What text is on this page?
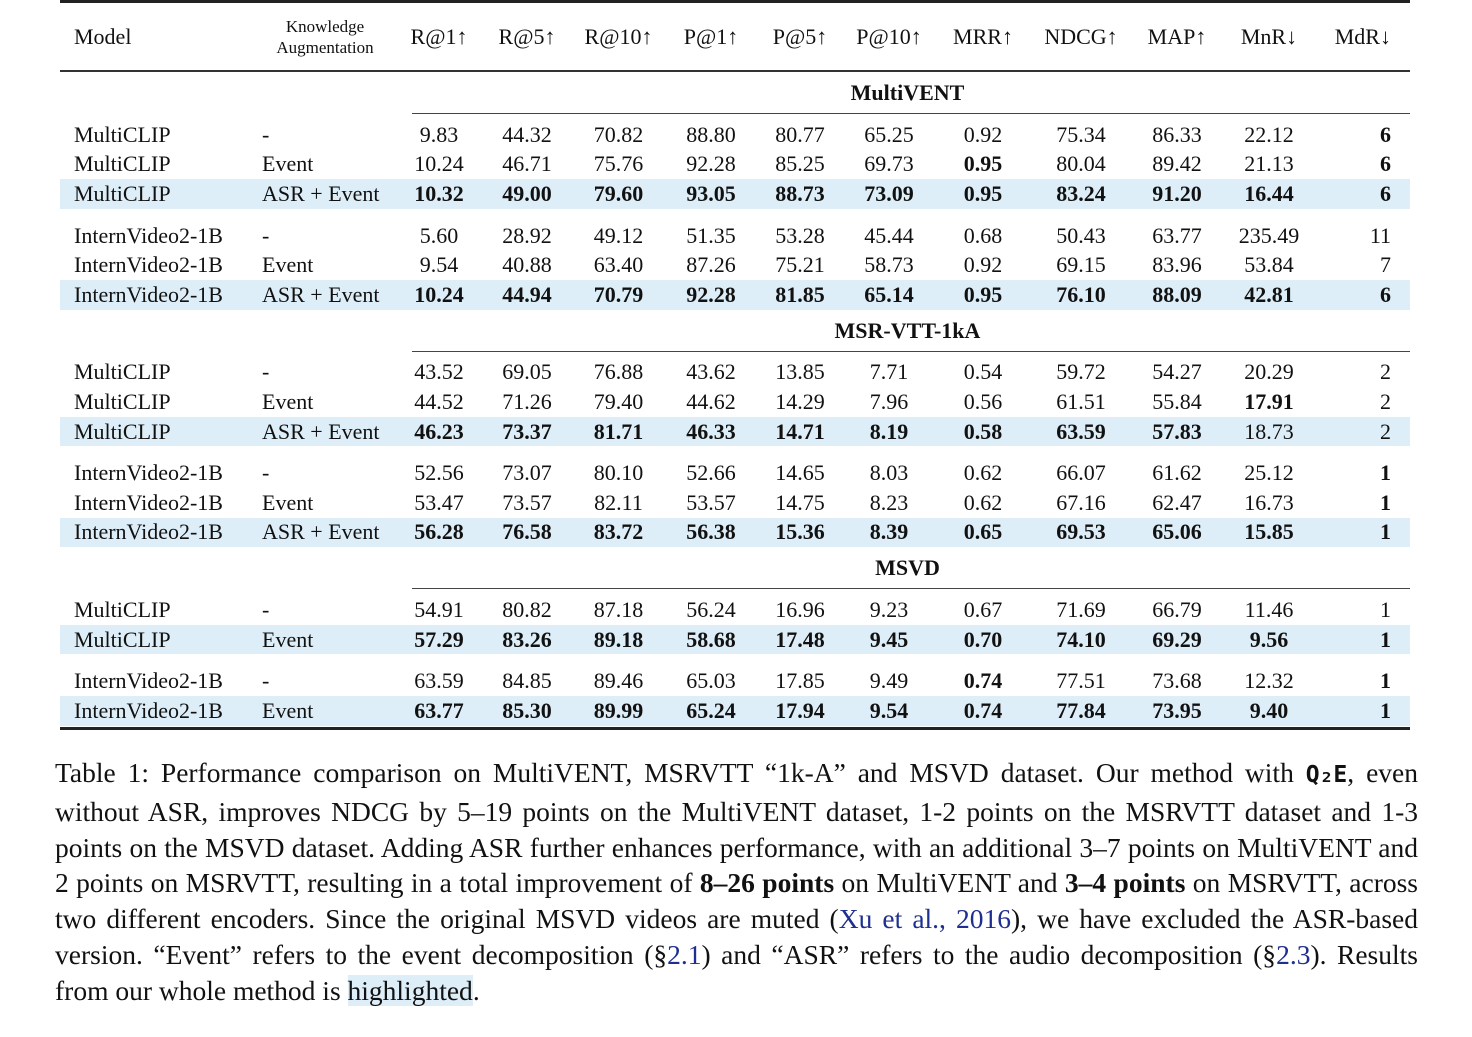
Model	Knowledge Augmentation	R@1↑	R@5↑	R@10↑	P@1↑	P@5↑	P@10↑	MRR↑	NDCG↑	MAP↑	MnR↓	MdR↓
MultiVENT
MultiCLIP	-	9.83	44.32	70.82	88.80	80.77	65.25	0.92	75.34	86.33	22.12	6
MultiCLIP	Event	10.24	46.71	75.76	92.28	85.25	69.73	0.95	80.04	89.42	21.13	6
MultiCLIP	ASR + Event	10.32	49.00	79.60	93.05	88.73	73.09	0.95	83.24	91.20	16.44	6
InternVideo2-1B	-	5.60	28.92	49.12	51.35	53.28	45.44	0.68	50.43	63.77	235.49	11
InternVideo2-1B	Event	9.54	40.88	63.40	87.26	75.21	58.73	0.92	69.15	83.96	53.84	7
InternVideo2-1B	ASR + Event	10.24	44.94	70.79	92.28	81.85	65.14	0.95	76.10	88.09	42.81	6
MSR-VTT-1kA
MultiCLIP	-	43.52	69.05	76.88	43.62	13.85	7.71	0.54	59.72	54.27	20.29	2
MultiCLIP	Event	44.52	71.26	79.40	44.62	14.29	7.96	0.56	61.51	55.84	17.91	2
MultiCLIP	ASR + Event	46.23	73.37	81.71	46.33	14.71	8.19	0.58	63.59	57.83	18.73	2
InternVideo2-1B	-	52.56	73.07	80.10	52.66	14.65	8.03	0.62	66.07	61.62	25.12	1
InternVideo2-1B	Event	53.47	73.57	82.11	53.57	14.75	8.23	0.62	67.16	62.47	16.73	1
InternVideo2-1B	ASR + Event	56.28	76.58	83.72	56.38	15.36	8.39	0.65	69.53	65.06	15.85	1
MSVD
MultiCLIP	-	54.91	80.82	87.18	56.24	16.96	9.23	0.67	71.69	66.79	11.46	1
MultiCLIP	Event	57.29	83.26	89.18	58.68	17.48	9.45	0.70	74.10	69.29	9.56	1
InternVideo2-1B	-	63.59	84.85	89.46	65.03	17.85	9.49	0.74	77.51	73.68	12.32	1
InternVideo2-1B	Event	63.77	85.30	89.99	65.24	17.94	9.54	0.74	77.84	73.95	9.40	1
Table 1: Performance comparison on MultiVENT, MSRVTT “1k-A” and MSVD dataset. Our method with Q₂E, even without ASR, improves NDCG by 5–19 points on the MultiVENT dataset, 1-2 points on the MSRVTT dataset and 1-3 points on the MSVD dataset. Adding ASR further enhances performance, with an additional 3–7 points on MultiVENT and 2 points on MSRVTT, resulting in a total improvement of 8–26 points on MultiVENT and 3–4 points on MSRVTT, across two different encoders. Since the original MSVD videos are muted (Xu et al., 2016), we have excluded the ASR-based version. “Event” refers to the event decomposition (§2.1) and “ASR” refers to the audio decomposition (§2.3). Results from our whole method is highlighted.
